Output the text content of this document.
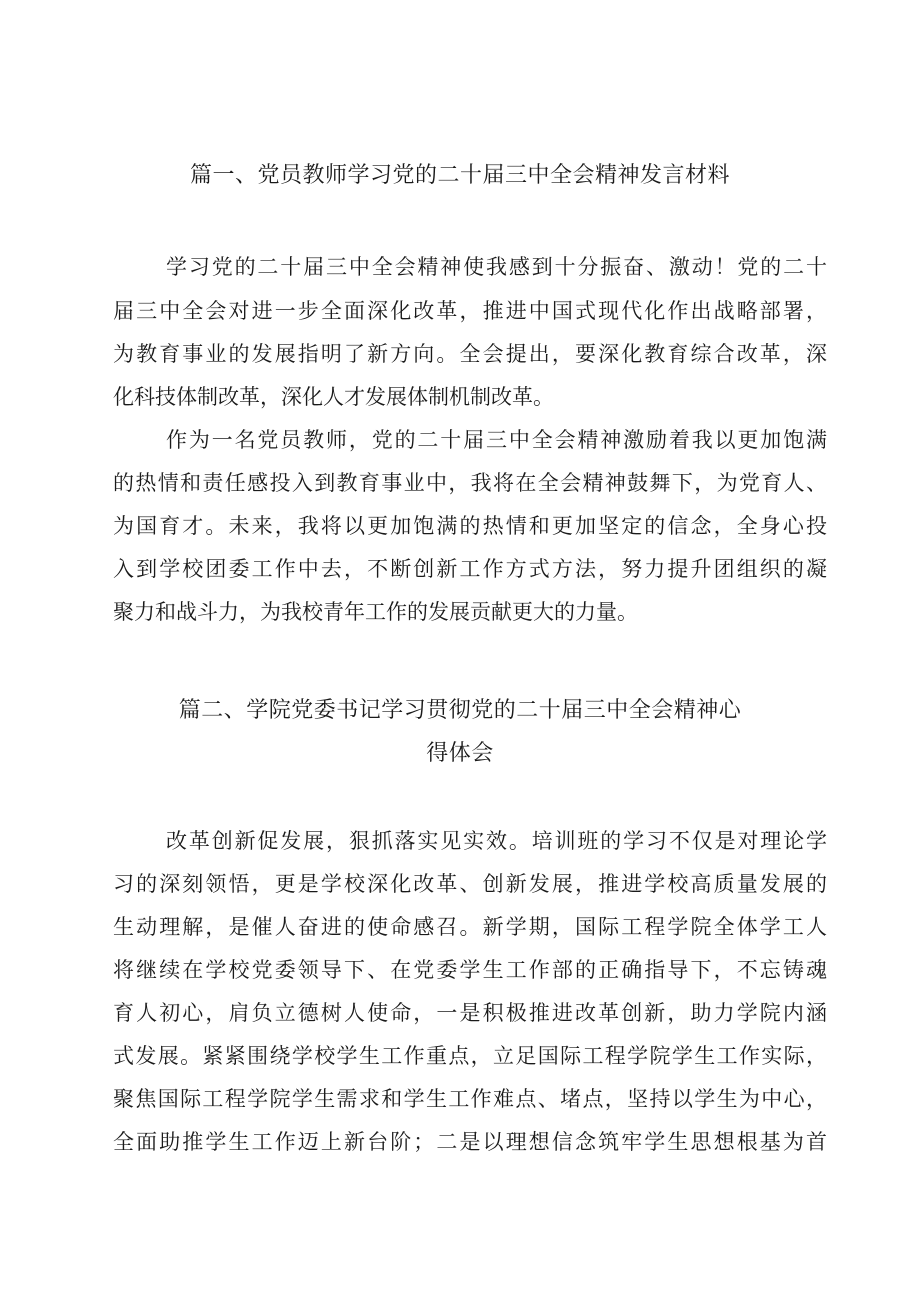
篇一、党员教师学习党的二十届三中全会精神发言材料
学习党的二十届三中全会精神使我感到十分振奋、激动！党的二十
届三中全会对进一步全面深化改革，推进中国式现代化作出战略部署，
为教育事业的发展指明了新方向。全会提出，要深化教育综合改革，深
化科技体制改革，深化人才发展体制机制改革。
作为一名党员教师，党的二十届三中全会精神激励着我以更加饱满
的热情和责任感投入到教育事业中，我将在全会精神鼓舞下，为党育人、
为国育才。未来，我将以更加饱满的热情和更加坚定的信念，全身心投
入到学校团委工作中去，不断创新工作方式方法，努力提升团组织的凝
聚力和战斗力，为我校青年工作的发展贡献更大的力量。
篇二、学院党委书记学习贯彻党的二十届三中全会精神心
得体会
改革创新促发展，狠抓落实见实效。培训班的学习不仅是对理论学
习的深刻领悟，更是学校深化改革、创新发展，推进学校高质量发展的
生动理解，是催人奋进的使命感召。新学期，国际工程学院全体学工人
将继续在学校党委领导下、在党委学生工作部的正确指导下，不忘铸魂
育人初心，肩负立德树人使命，一是积极推进改革创新，助力学院内涵
式发展。紧紧围绕学校学生工作重点，立足国际工程学院学生工作实际，
聚焦国际工程学院学生需求和学生工作难点、堵点，坚持以学生为中心，
全面助推学生工作迈上新台阶；二是以理想信念筑牢学生思想根基为首
